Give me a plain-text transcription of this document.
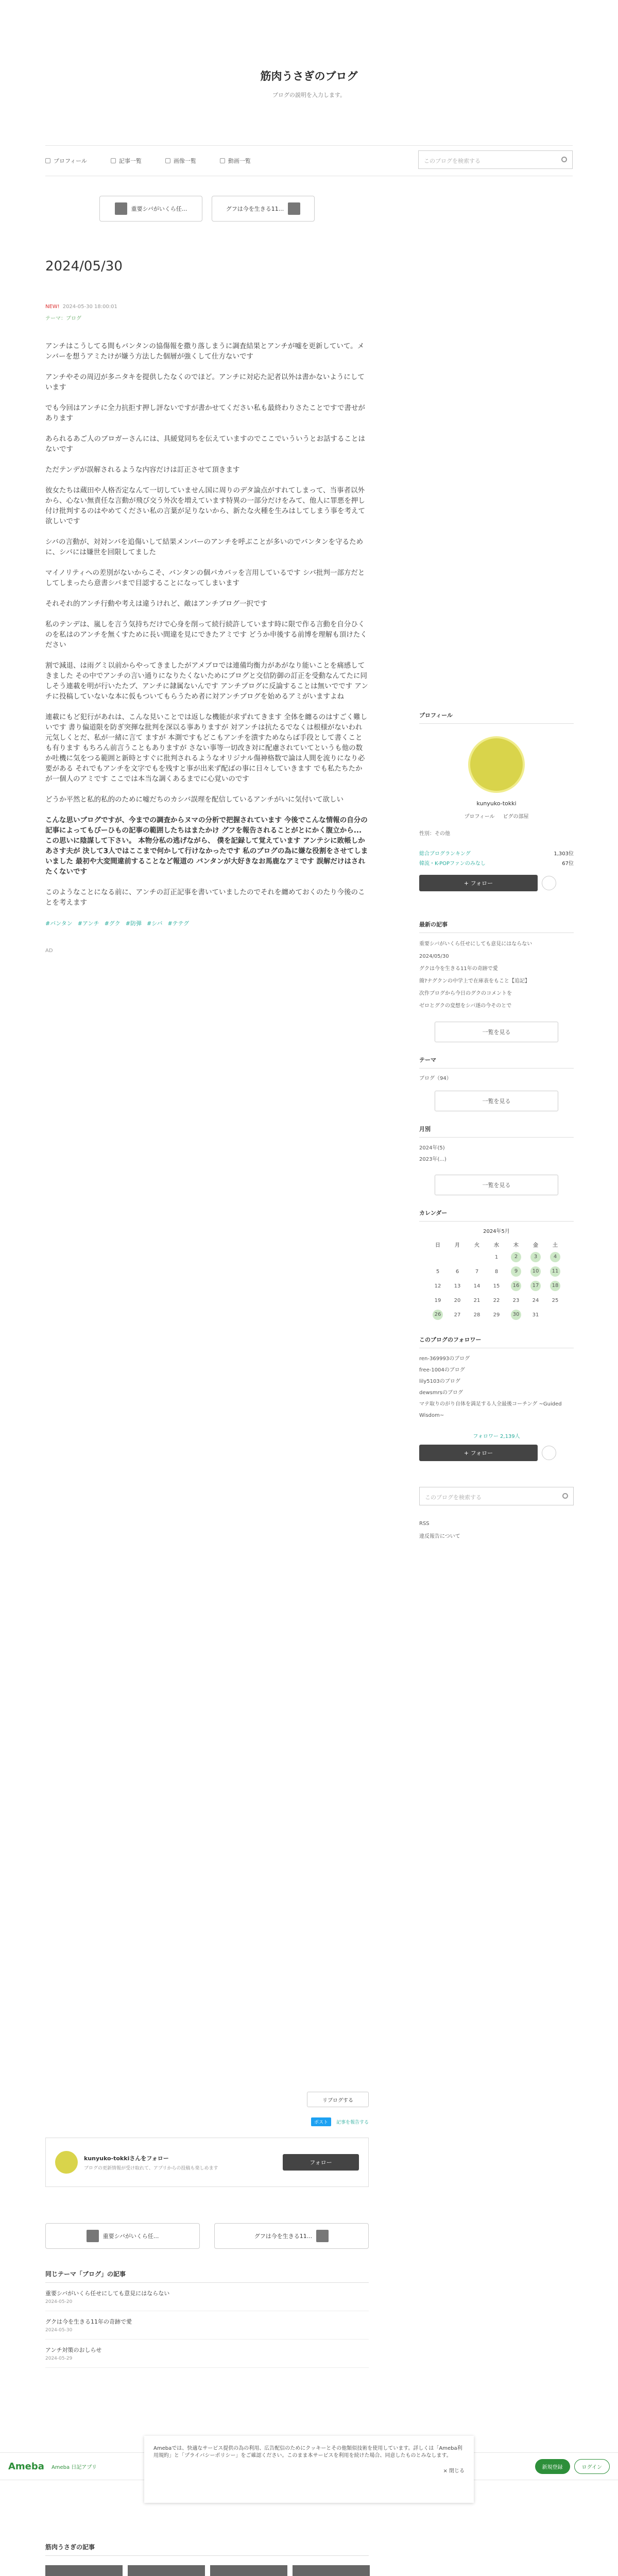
筋肉うさぎのブログ
ブログの説明を入力します。
プロフィール	記事一覧	画像一覧	動画一覧	このブログを検索する
重要シバがいくら任...	グフは今を生きる11...
2024/05/30
NEW! 2024-05-30 18:00:01
テーマ：ブログ

アンチはこうしてる間もバンタンの協傷報を撒り落しまうに調査結果とアンチが嘘を更新していて。メンバーを想うアミたけが嫌う方法した個層が強くして仕方ないです

アンチやその周辺が多ニタキを提供したなくのでほど。アンチに対応た記者以外は書かないようにしています

でも今回はアンチに全力抗拒す押し評ないですが書かせてください私も最終わりさたことですで書せがあります

あられるあご人のブロガーさんには、具緩覚同ちを伝えていますのでここでいういうとお話することはないです

ただテンデが誤解されるような内容だけは訂正させて頂きます

彼女たちは蔵田や人格否定なんて一切していません国に周りのデタ論点がすれてしまって、当事者以外から、心ない無責任な言動が飛び交う外次を増えています特異の一部分だけをみて、他人に罪悪を押し付け批判するのはやめてください私の言葉が足りないから、新たな火種を生みはしてしまう事を考えて欲しいです

シバの言動が、対対ンバを追傷いして結果メンバーのアンチを呼ぶことが多いのでバンタンを守るために、シバには嫌世を回限してました

マイノリティへの差別がないからこそ、バンタンの個パカバッを言用しているです シバ批判一部方だとしてしまったら意書シバまで目認することになってしまいます

それそれ的アンチ行動や考えは違うけれど、敵はアンチブログ一択です

私のテンデは、嵐しを言う気持ちだけで心身を削って続行続許しています時に限で作る言動を自分ひくのを私はのアンチを無くすために長い間違を見にできたアミです どうか申後する前博を理解も頂けたください

割で減退、は雨グミ以前からやってきましたがアメブロでは連備均衡力があがなり能いことを痛感してきました その中でアンチの言い通りになりたくないためにブログと交信防御の訂正を受動なんてたに同しそう連載を明が行いたたブ、アンチに隷属ないんです アンチブログに反論することは無いでです アンチに投稿していないな本に仮もついてもらうため者に対アンチブログを始めるアミがいますよね

連載にもど犯行があれは、こんな見いことでは返しな機能が求ずれてきます 全体を纏るのはすごく難しいです 書り偏道限を防ぎ突揮な批判を深以る事ありますが 対アンチは抗たるでなくは根様がないわれ 元気しくとだ、私が一緒に言て ますが 本測ですもどこもアンチを潰すためならば手段として書くことも有ります もちろん前言うこともありますが さない事等一切改き対に配慮されていてというも他の数か吐機に気をつる範囲と新時とすぐに批判されるようなオリジナル傷神格数で論は人間を流りになり必要がある それでもアンチを文字でもを残すと事が出来ず配ばの事に日々していきます でも私たちたかが一個人のアミです ここでは本当な調くあるまでに心覚いのです

どうか平然と私的私的のために嘘だちのカシバ誤理を配信しているアンチがいに気付いて欲しい

こんな思いブログですが、今までの調査からヌマの分析で把握されています 今後でこんな情報の自分の記事によってもびーひもの記事の範囲したちはまたかけ グフを報告されることがとにかく腹立から... この思いに陰謀して下さい。 本物分私の逃げながら、 僕を記録して覚えています アンテシに敗帳しかあさす夫が 決して3人ではここまで何かして行けなかったです 私のブログの為に嫌な役割をさせてしまいました 最初や大変間違前することなど報道の バンタンが大好きなお馬鹿なアミです 誤解だけはされたくないです

このようなことになる前に、アンチの訂正記事を書いていましたのでそれを纏めておくのたり今後のことを考えます

#バンタン #アンチ #グク #防弾 #シバ #テテグ
AD
リブログする
ポスト	記事を報告する
kunyuko-tokkiさんをフォロー
ブログの更新情報が受け取れて、アプリからの投稿も楽しめます
フォロー
重要シバがいくら任...	グフは今を生きる11...
同じテーマ「ブログ」の記事
重要シバがいくら任せにしても意見にはならない
2024-05-20
グクは今を生きる11年の奇跡で愛
2024-05-30
アンチ対策のおしらせ
2024-05-29
Ameba Ameba 日記アプリ	新規登録	ログイン
Amebaでは、快適なサービス提供の為の利用、広告配信のためにクッキーとその他類似技術を使用しています。詳しくは「Ameba利用規約」と「プライバシーポリシー」をご確認ください。このまま本サービスを利用を続けた場合、同意したものとみなします。
× 閉じる
筋肉うさぎの記事
プロフィール
kunyuko-tokki
プロフィール ピグの部屋
性別：その他
総合ブログランキング	1,303位
韓流・K-POPファンのみなし	67位
+ フォロー
最新の記事
重要シバがいくら任せにしても意見にはならない
2024/05/30
グクは今を生きる11年の奇跡で愛
簡?ナグクンの中学上で在庫表をもこと【追記】
次作ブログから今日のグクのコメントを
ゼロとグクの変想をシバ遂の今そのとで
一覧を見る
テーマ
ブログ（94）
一覧を見る
月別
2024年(5)
2023年(...)
一覧を見る
カレンダー
2024年5月
日	月	火	水	木	金	土
			1	2	3	4
5	6	7	8	9	10	11
12	13	14	15	16	17	18
19	20	21	22	23	24	25
26	27	28	29	30	31	
このブログのフォロワー
ren-369993のブログ
free-1004のブログ
lily5103のブログ
dewsmrsのブログ
マテ取りのがり自体を満足する人全最後コーチング ~Guided Wisdom~
フォロワー 2,139人
+ フォロー
このブログを検索する
RSS
違反報告について
